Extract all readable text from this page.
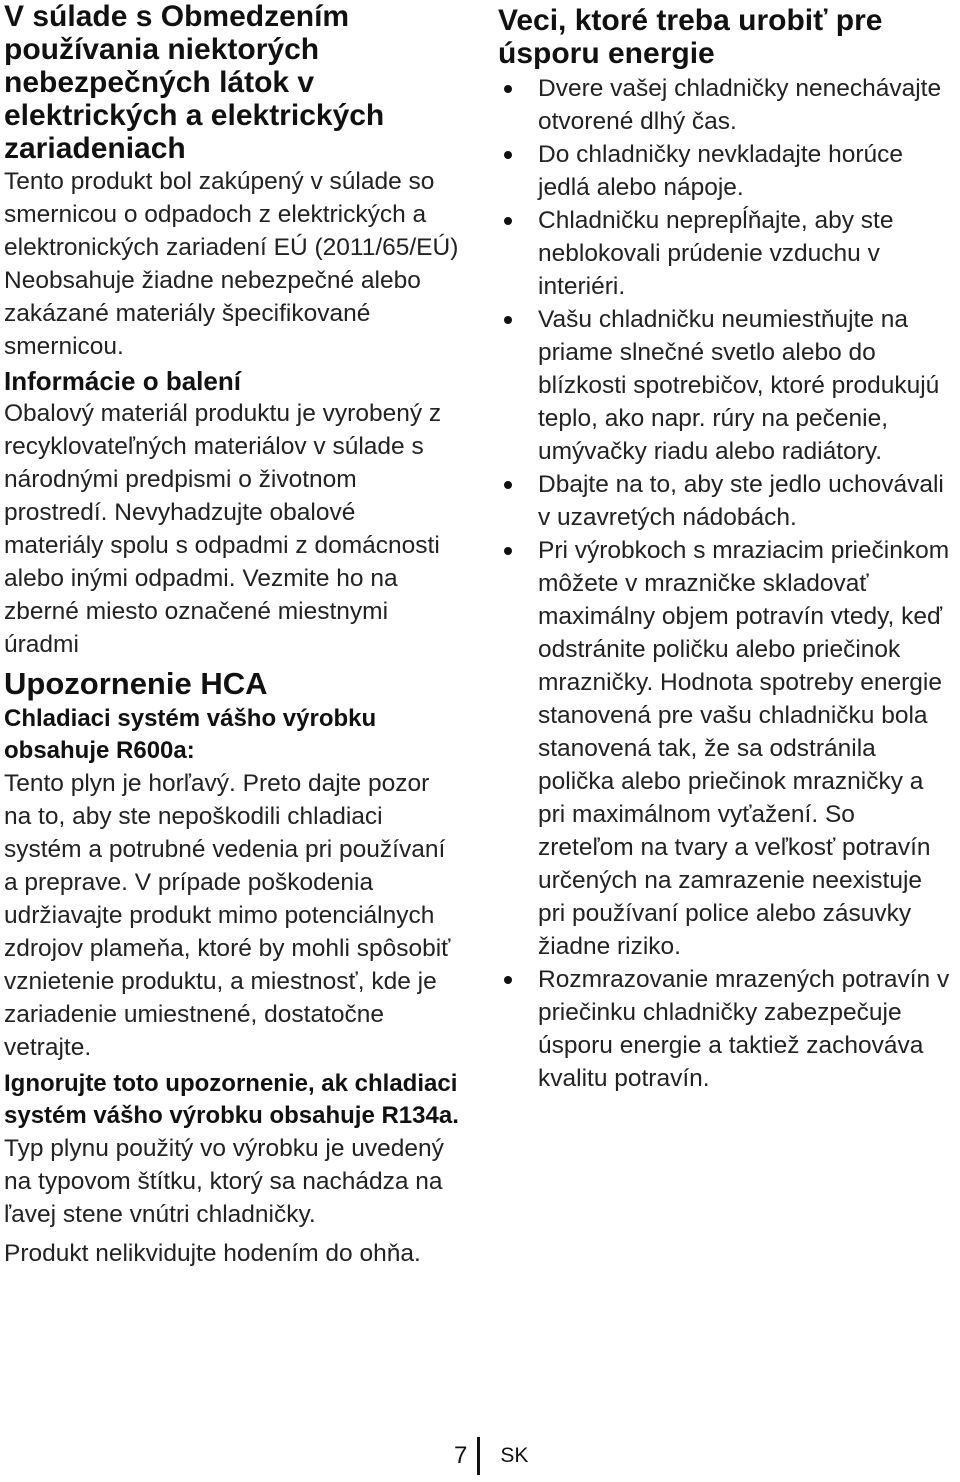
V súlade s Obmedzením používania niektorých nebezpečných látok v elektrických a elektrických zariadeniach

Tento produkt bol zakúpený v súlade so smernicou o odpadoch z elektrických a elektronických zariadení EÚ (2011/65/EÚ) Neobsahuje žiadne nebezpečné alebo zakázané materiály špecifikované smernicou.

Informácie o balení

Obalový materiál produktu je vyrobený z recyklovateľných materiálov v súlade s národnými predpismi o životnom prostredí. Nevyhadzujte obalové materiály spolu s odpadmi z domácnosti alebo inými odpadmi. Vezmite ho na zberné miesto označené miestnymi úradmi

Upozornenie HCA
Chladiaci systém vášho výrobku obsahuje R600a:

Tento plyn je horľavý. Preto dajte pozor na to, aby ste nepoškodili chladiaci systém a potrubné vedenia pri používaní a preprave. V prípade poškodenia udržiavajte produkt mimo potenciálnych zdrojov plameňa, ktoré by mohli spôsobiť vznietenie produktu, a miestnosť, kde je zariadenie umiestnené, dostatočne vetrajte.

Ignorujte toto upozornenie, ak chladiaci systém vášho výrobku obsahuje R134a.

Typ plynu použitý vo výrobku je uvedený na typovom štítku, ktorý sa nachádza na ľavej stene vnútri chladničky.

Produkt nelikvidujte hodením do ohňa.

Veci, ktoré treba urobiť pre úsporu energie
Dvere vašej chladničky nenechávajte otvorené dlhý čas.
Do chladničky nevkladajte horúce jedlá alebo nápoje.
Chladničku neprepĺňajte, aby ste neblokovali prúdenie vzduchu v interiéri.
Vašu chladničku neumiestňujte na priame slnečné svetlo alebo do blízkosti spotrebičov, ktoré produkujú teplo, ako napr. rúry na pečenie, umývačky riadu alebo radiátory.
Dbajte na to, aby ste jedlo uchovávali v uzavretých nádobách.
Pri výrobkoch s mraziacim priečinkom môžete v mrazničke skladovať maximálny objem potravín vtedy, keď odstránite poličku alebo priečinok mrazničky. Hodnota spotreby energie stanovená pre vašu chladničku bola stanovená tak, že sa odstránila polička alebo priečinok mrazničky a pri maximálnom vyťažení. So zreteľom na tvary a veľkosť potravín určených na zamrazenie neexistuje pri používaní police alebo zásuvky žiadne riziko.
Rozmrazovanie mrazených potravín v priečinku chladničky zabezpečuje úsporu energie a taktiež zachováva kvalitu potravín.
7	SK
